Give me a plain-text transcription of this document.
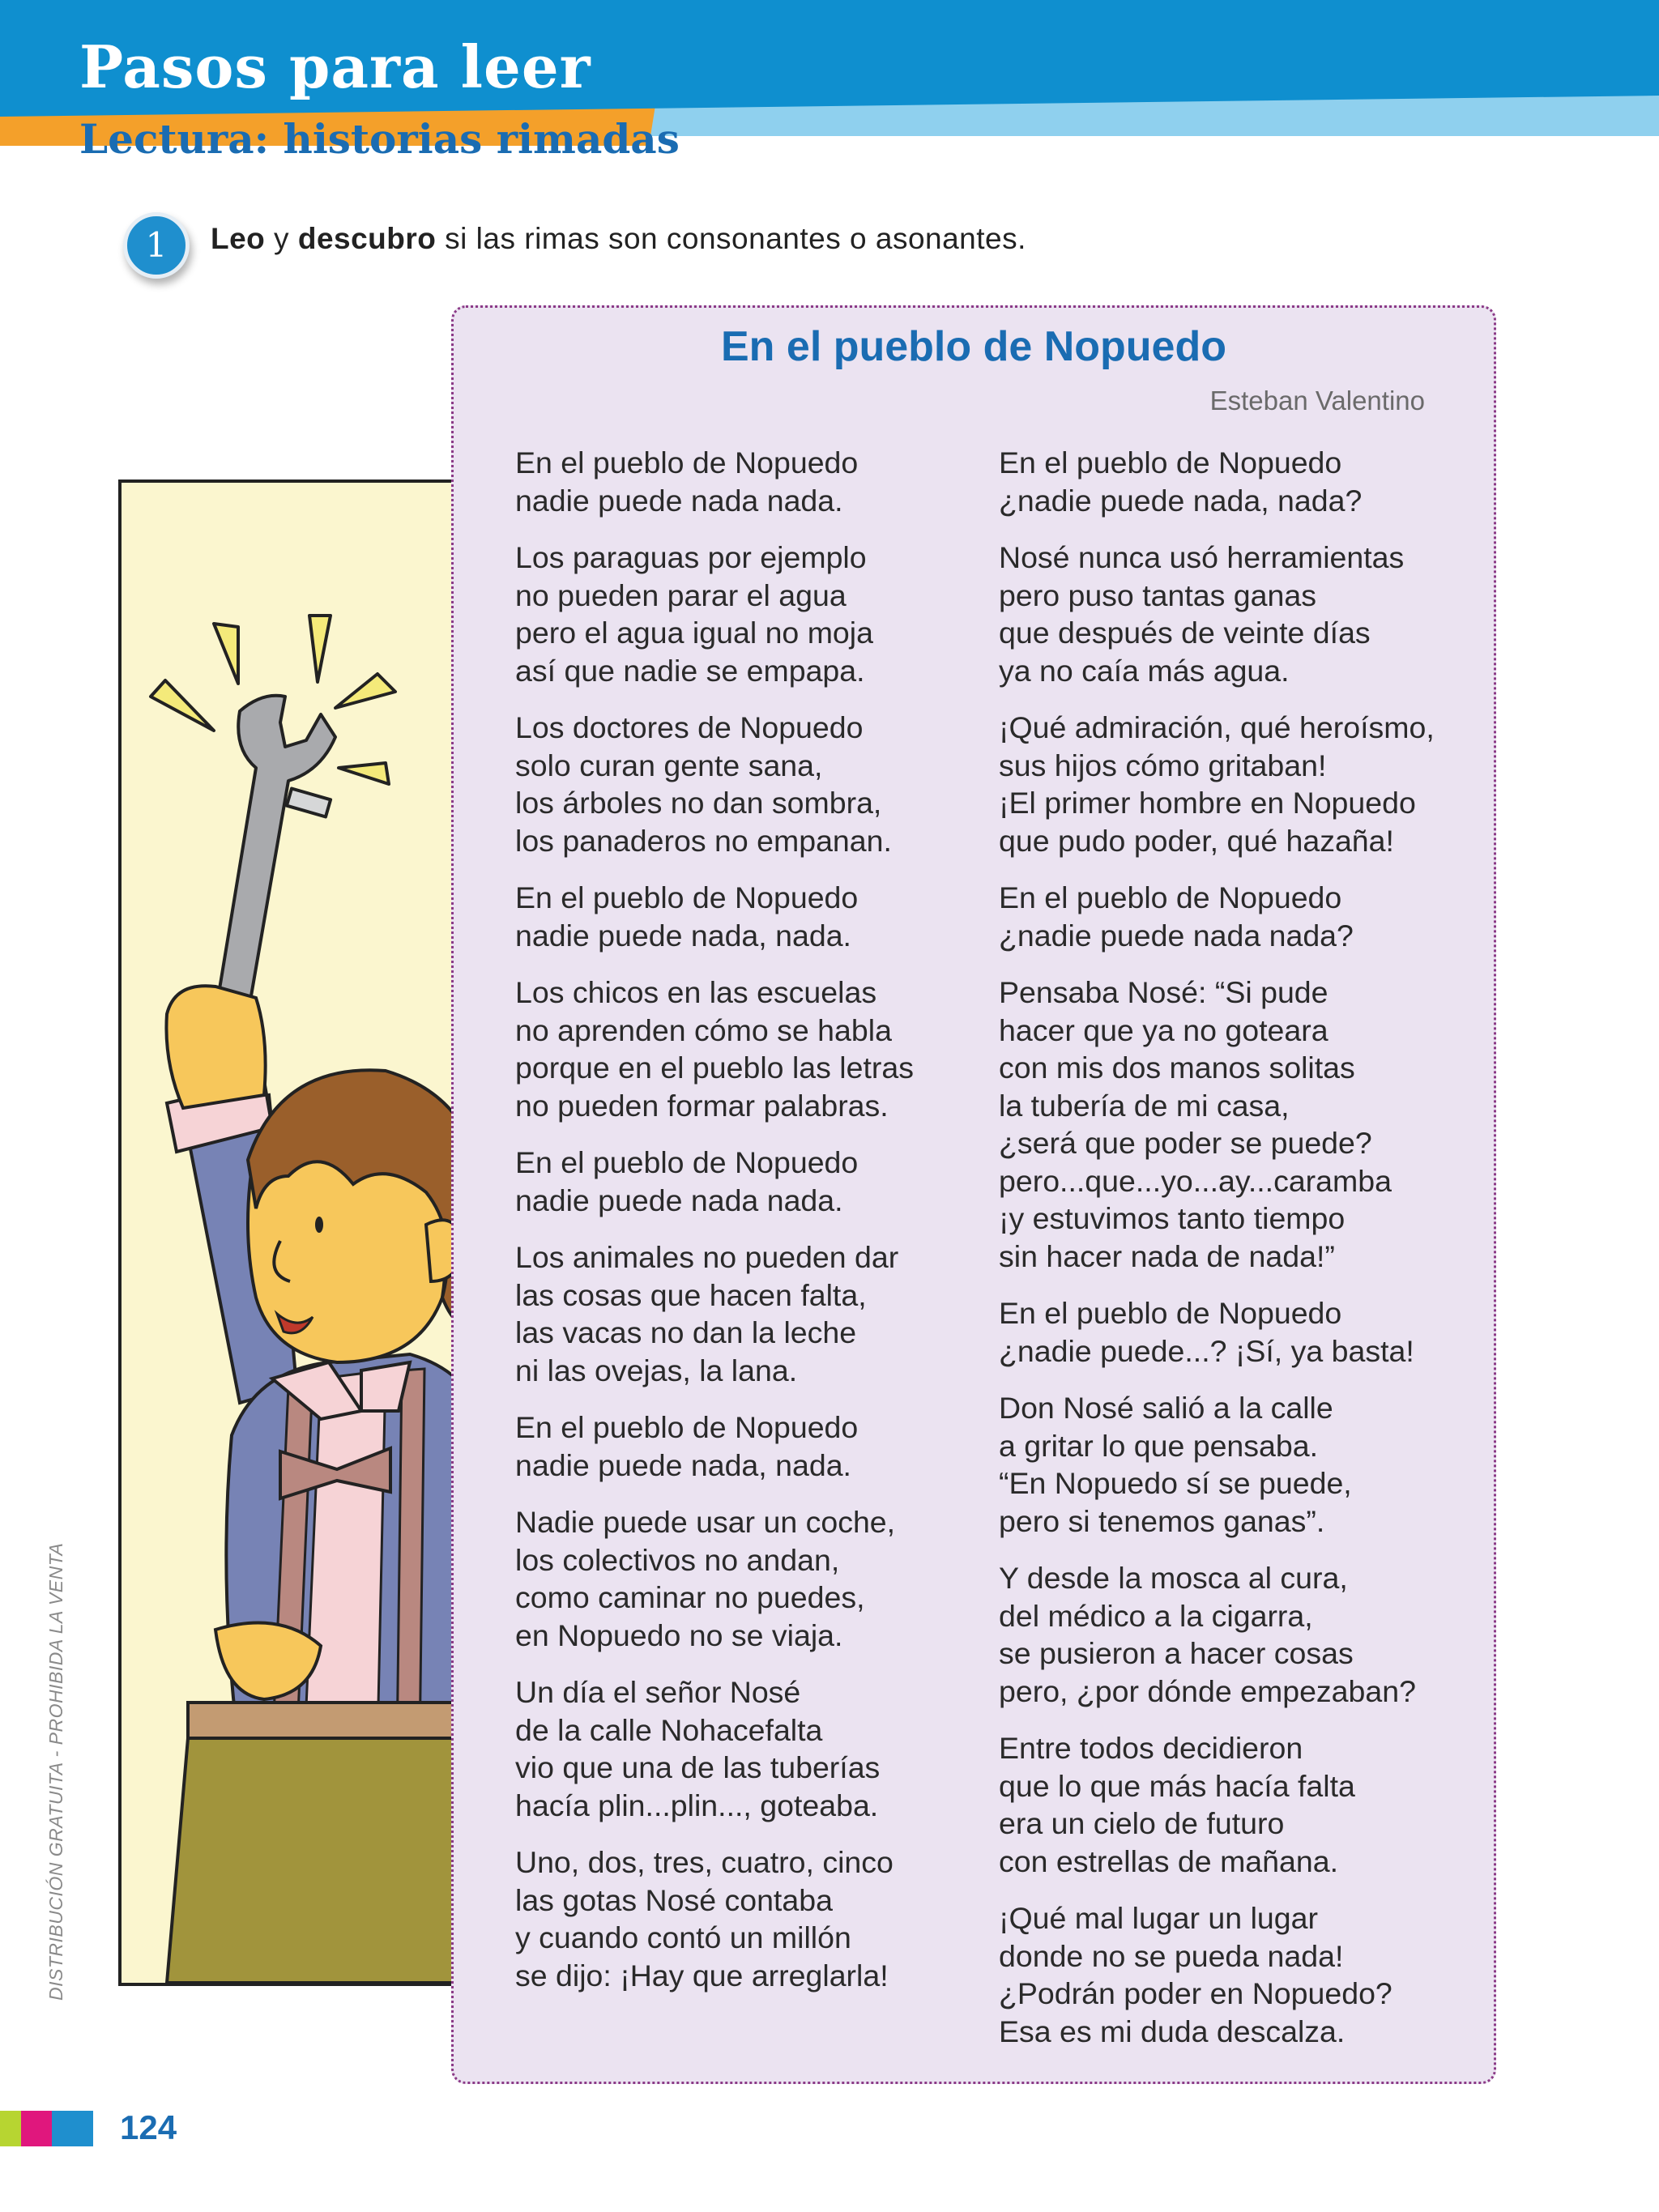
Pasos para leer
Lectura: historias rimadas
1	Leo y descubro si las rimas son consonantes o asonantes.

En el pueblo de Nopuedo

Esteban Valentino

En el pueblo de Nopuedo
nadie puede nada nada.
Los paraguas por ejemplo
no pueden parar el agua
pero el agua igual no moja
así que nadie se empapa.
Los doctores de Nopuedo
solo curan gente sana,
los árboles no dan sombra,
los panaderos no empanan.
En el pueblo de Nopuedo
nadie puede nada, nada.
Los chicos en las escuelas
no aprenden cómo se habla
porque en el pueblo las letras
no pueden formar palabras.
En el pueblo de Nopuedo
nadie puede nada nada.
Los animales no pueden dar
las cosas que hacen falta,
las vacas no dan la leche
ni las ovejas, la lana.
En el pueblo de Nopuedo
nadie puede nada, nada.
Nadie puede usar un coche,
los colectivos no andan,
como caminar no puedes,
en Nopuedo no se viaja.
Un día el señor Nosé
de la calle Nohacefalta
vio que una de las tuberías
hacía plin...plin..., goteaba.
Uno, dos, tres, cuatro, cinco
las gotas Nosé contaba
y cuando contó un millón
se dijo: ¡Hay que arreglarla!
En el pueblo de Nopuedo
¿nadie puede nada, nada?
Nosé nunca usó herramientas
pero puso tantas ganas
que después de veinte días
ya no caía más agua.
¡Qué admiración, qué heroísmo,
sus hijos cómo gritaban!
¡El primer hombre en Nopuedo
que pudo poder, qué hazaña!
En el pueblo de Nopuedo
¿nadie puede nada nada?
Pensaba Nosé: “Si pude
hacer que ya no goteara
con mis dos manos solitas
la tubería de mi casa,
¿será que poder se puede?
pero...que...yo...ay...caramba
¡y estuvimos tanto tiempo
sin hacer nada de nada!”
En el pueblo de Nopuedo
¿nadie puede...? ¡Sí, ya basta!
Don Nosé salió a la calle
a gritar lo que pensaba.
“En Nopuedo sí se puede,
pero si tenemos ganas”.
Y desde la mosca al cura,
del médico a la cigarra,
se pusieron a hacer cosas
pero, ¿por dónde empezaban?
Entre todos decidieron
que lo que más hacía falta
era un cielo de futuro
con estrellas de mañana.
¡Qué mal lugar un lugar
donde no se pueda nada!
¿Podrán poder en Nopuedo?
Esa es mi duda descalza.
DISTRIBUCIÓN GRATUITA - PROHIBIDA LA VENTA

124
